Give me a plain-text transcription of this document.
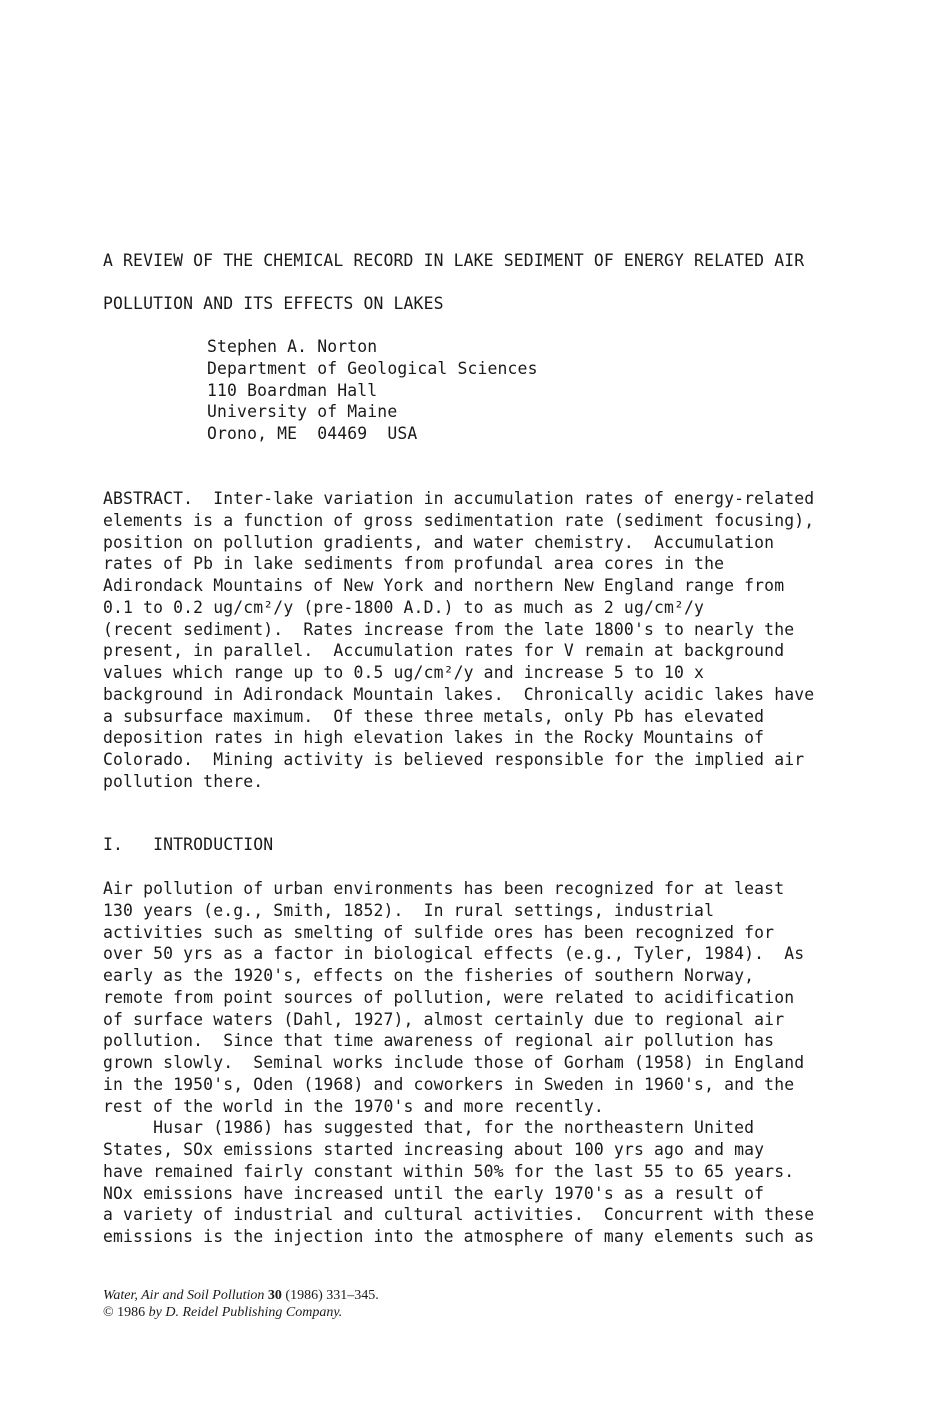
A REVIEW OF THE CHEMICAL RECORD IN LAKE SEDIMENT OF ENERGY RELATED AIR

POLLUTION AND ITS EFFECTS ON LAKES

Stephen A. Norton
Department of Geological Sciences
110 Boardman Hall
University of Maine
Orono, ME  04469  USA
ABSTRACT.  Inter-lake variation in accumulation rates of energy-related
elements is a function of gross sedimentation rate (sediment focusing),
position on pollution gradients, and water chemistry.  Accumulation
rates of Pb in lake sediments from profundal area cores in the
Adirondack Mountains of New York and northern New England range from
0.1 to 0.2 ug/cm²/y (pre-1800 A.D.) to as much as 2 ug/cm²/y
(recent sediment).  Rates increase from the late 1800's to nearly the
present, in parallel.  Accumulation rates for V remain at background
values which range up to 0.5 ug/cm²/y and increase 5 to 10 x
background in Adirondack Mountain lakes.  Chronically acidic lakes have
a subsurface maximum.  Of these three metals, only Pb has elevated
deposition rates in high elevation lakes in the Rocky Mountains of
Colorado.  Mining activity is believed responsible for the implied air
pollution there.
I.   INTRODUCTION
Air pollution of urban environments has been recognized for at least
130 years (e.g., Smith, 1852).  In rural settings, industrial
activities such as smelting of sulfide ores has been recognized for
over 50 yrs as a factor in biological effects (e.g., Tyler, 1984).  As
early as the 1920's, effects on the fisheries of southern Norway,
remote from point sources of pollution, were related to acidification
of surface waters (Dahl, 1927), almost certainly due to regional air
pollution.  Since that time awareness of regional air pollution has
grown slowly.  Seminal works include those of Gorham (1958) in England
in the 1950's, Oden (1968) and coworkers in Sweden in 1960's, and the
rest of the world in the 1970's and more recently.
Husar (1986) has suggested that, for the northeastern United
States, SOx emissions started increasing about 100 yrs ago and may
have remained fairly constant within 50% for the last 55 to 65 years.
NOx emissions have increased until the early 1970's as a result of
a variety of industrial and cultural activities.  Concurrent with these
emissions is the injection into the atmosphere of many elements such as
Water, Air and Soil Pollution 30 (1986) 331–345.
© 1986 by D. Reidel Publishing Company.
